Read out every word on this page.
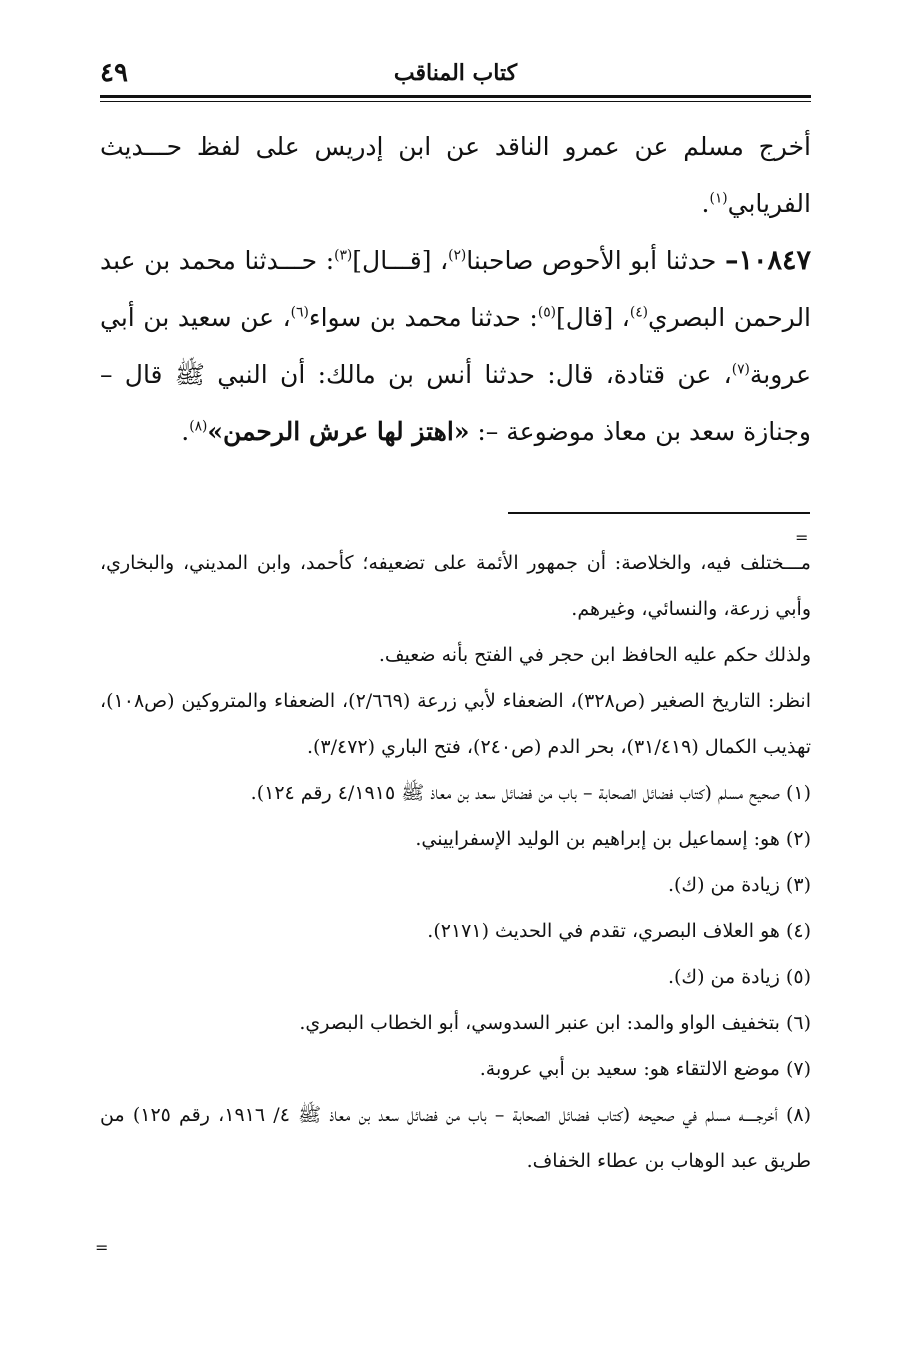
كتاب المناقب
٤٩

أخرج مسلم عن عمرو الناقد عن ابن إدريس على لفظ حـــديث الفريابي$^{(١)}$.

١٠٨٤٧– حدثنا أبو الأحوص صاحبنا$^{(٢)}$، [قـــال]$^{(٣)}$: حـــدثنا محمد بن عبد الرحمن البصري$^{(٤)}$، [قال]$^{(٥)}$: حدثنا محمد بن سواء$^{(٦)}$، عن سعيد بن أبي عروبة$^{(٧)}$، عن قتادة، قال: حدثنا أنس بن مالك: أن النبي ﷺ قال – وجنازة سعد بن معاذ موضوعة –: «اهتز لها عرش الرحمن»$^{(٨)}$.

=

مـــختلف فيه، والخلاصة: أن جمهور الأئمة على تضعيفه؛ كأحمد، وابن المديني، والبخاري، وأبي زرعة، والنسائي، وغيرهم.

ولذلك حكم عليه الحافظ ابن حجر في الفتح بأنه ضعيف.

انظر: التاريخ الصغير (ص٣٢٨)، الضعفاء لأبي زرعة (٢/٦٦٩)، الضعفاء والمتروكين (ص١٠٨)، تهذيب الكمال (٣١/٤١٩)، بحر الدم (ص٢٤٠)، فتح الباري (٣/٤٧٢).

(١) صحيح مسلم (كتاب فضائل الصحابة – باب من فضائل سعد بن معاذ ﷺ ٤/١٩١٥ رقم ١٢٤).

(٢) هو: إسماعيل بن إبراهيم بن الوليد الإسفراييني.

(٣) زيادة من (ك).

(٤) هو العلاف البصري، تقدم في الحديث (٢١٧١).

(٥) زيادة من (ك).

(٦) بتخفيف الواو والمد: ابن عنبر السدوسي، أبو الخطاب البصري.

(٧) موضع الالتقاء هو: سعيد بن أبي عروبة.

(٨) أخرجـــــه مسلم في صحيحه (كتاب فضائل الصحابة – باب من فضائل سعد بن معاذ ﷺ ٤/ ١٩١٦، رقم ١٢٥) من طريق عبد الوهاب بن عطاء الخفاف.

=
